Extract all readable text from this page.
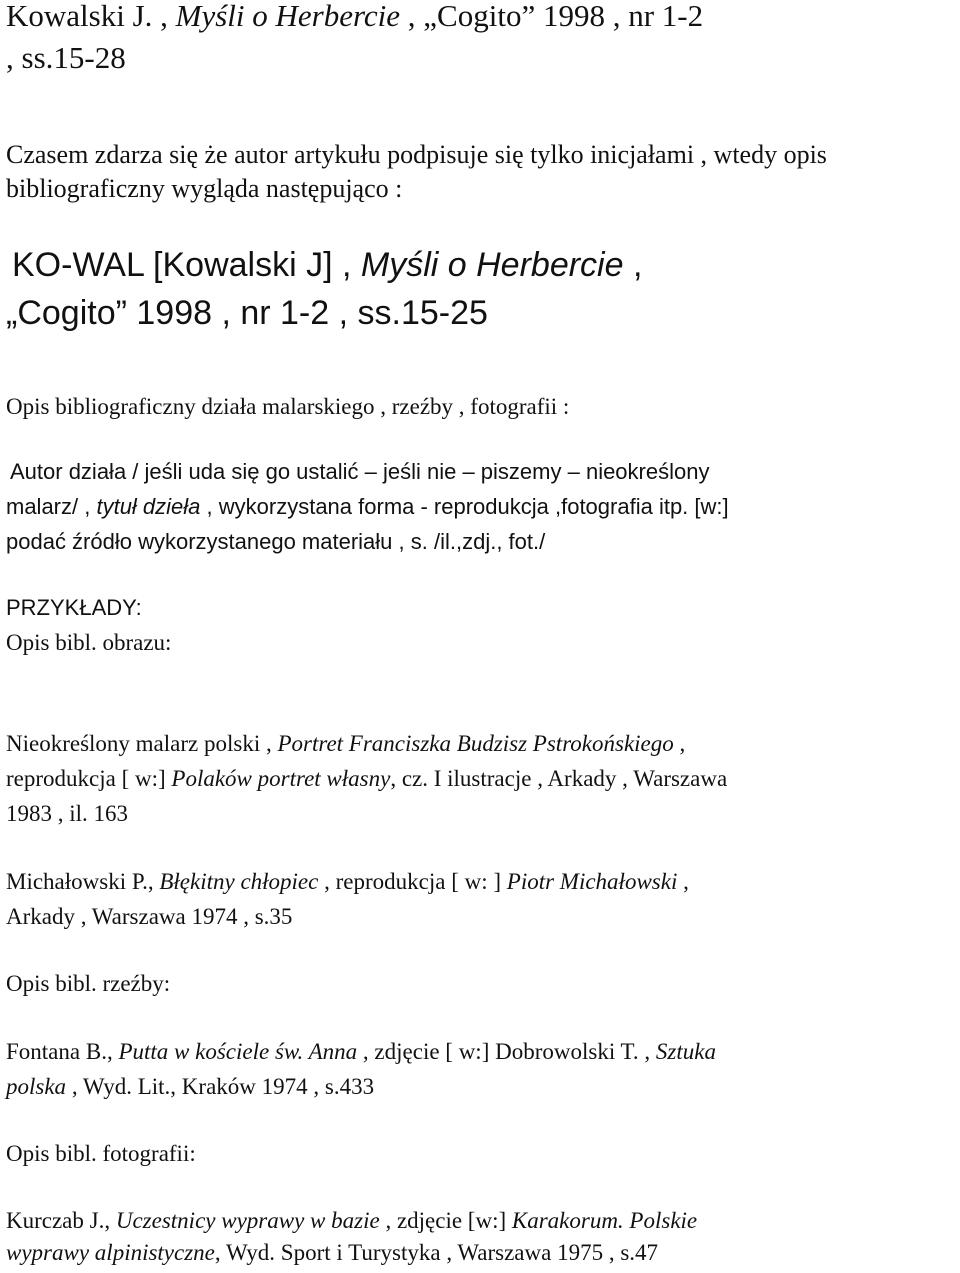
Kowalski J. , Myśli o Herbercie , „Cogito” 1998 , nr 1-2

, ss.15-28

Czasem zdarza się że autor artykułu podpisuje się tylko inicjałami , wtedy opis

bibliograficzny wygląda następująco :

KO-WAL [Kowalski J] , Myśli o Herbercie ,

„Cogito” 1998 , nr 1-2 , ss.15-25

Opis bibliograficzny działa malarskiego , rzeźby , fotografii :

Autor działa / jeśli uda się go ustalić – jeśli nie – piszemy – nieokreślony

malarz/ , tytuł dzieła , wykorzystana forma - reprodukcja ,fotografia itp. [w:]

podać źródło wykorzystanego materiału , s. /il.,zdj., fot./

PRZYKŁADY:

Opis bibl. obrazu:

Nieokreślony malarz polski , Portret Franciszka Budzisz Pstrokońskiego ,

reprodukcja [ w:] Polaków portret własny, cz. I ilustracje , Arkady , Warszawa

1983 , il. 163

Michałowski P., Błękitny chłopiec , reprodukcja [ w: ] Piotr Michałowski ,

Arkady , Warszawa 1974 , s.35

Opis bibl. rzeźby:

Fontana B., Putta w kościele św. Anna , zdjęcie [ w:] Dobrowolski T. , Sztuka

polska , Wyd. Lit., Kraków 1974 , s.433

Opis bibl. fotografii:

Kurczab J., Uczestnicy wyprawy w bazie , zdjęcie [w:] Karakorum. Polskie

wyprawy alpinistyczne, Wyd. Sport i Turystyka , Warszawa 1975 , s.47
